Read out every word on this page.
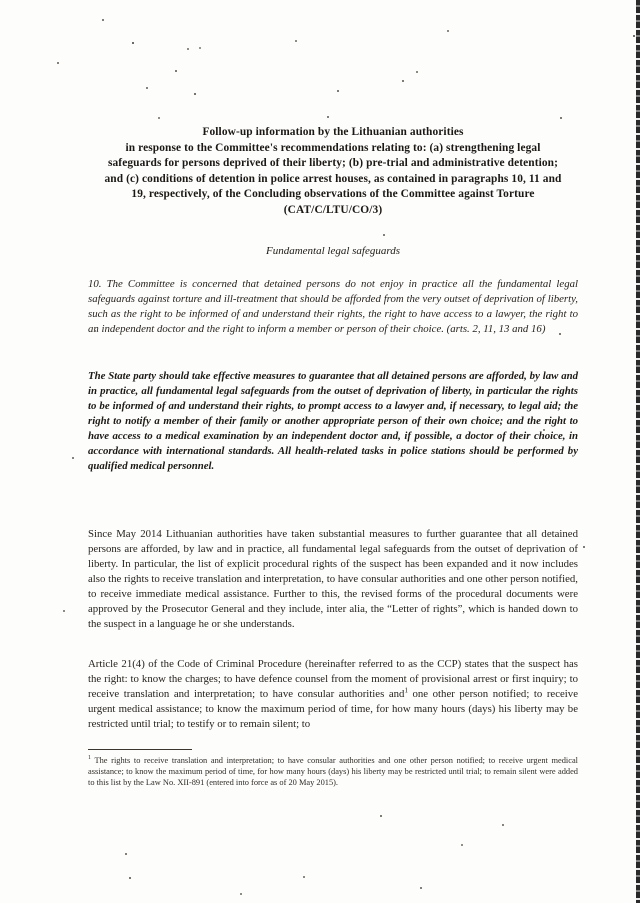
Follow-up information by the Lithuanian authorities
in response to the Committee's recommendations relating to: (a) strengthening legal
safeguards for persons deprived of their liberty; (b) pre-trial and administrative detention;
and (c) conditions of detention in police arrest houses, as contained in paragraphs 10, 11 and
19, respectively, of the Concluding observations of the Committee against Torture
(CAT/C/LTU/CO/3)
Fundamental legal safeguards

10. The Committee is concerned that detained persons do not enjoy in practice all the fundamental legal safeguards against torture and ill-treatment that should be afforded from the very outset of deprivation of liberty, such as the right to be informed of and understand their rights, the right to have access to a lawyer, the right to an independent doctor and the right to inform a member or person of their choice. (arts. 2, 11, 13 and 16)

The State party should take effective measures to guarantee that all detained persons are afforded, by law and in practice, all fundamental legal safeguards from the outset of deprivation of liberty, in particular the rights to be informed of and understand their rights, to prompt access to a lawyer and, if necessary, to legal aid; the right to notify a member of their family or another appropriate person of their own choice; and the right to have access to a medical examination by an independent doctor and, if possible, a doctor of their choice, in accordance with international standards. All health-related tasks in police stations should be performed by qualified medical personnel.

Since May 2014 Lithuanian authorities have taken substantial measures to further guarantee that all detained persons are afforded, by law and in practice, all fundamental legal safeguards from the outset of deprivation of liberty. In particular, the list of explicit procedural rights of the suspect has been expanded and it now includes also the rights to receive translation and interpretation, to have consular authorities and one other person notified, to receive immediate medical assistance. Further to this, the revised forms of the procedural documents were approved by the Prosecutor General and they include, inter alia, the “Letter of rights”, which is handed down to the suspect in a language he or she understands.

Article 21(4) of the Code of Criminal Procedure (hereinafter referred to as the CCP) states that the suspect has the right: to know the charges; to have defence counsel from the moment of provisional arrest or first inquiry; to receive translation and interpretation; to have consular authorities and$^1$ one other person notified; to receive urgent medical assistance; to know the maximum period of time, for how many hours (days) his liberty may be restricted until trial; to testify or to remain silent; to

$^1$ The rights to receive translation and interpretation; to have consular authorities and one other person notified; to receive urgent medical assistance; to know the maximum period of time, for how many hours (days) his liberty may be restricted until trial; to remain silent were added to this list by the Law No. XII-891 (entered into force as of 20 May 2015).
